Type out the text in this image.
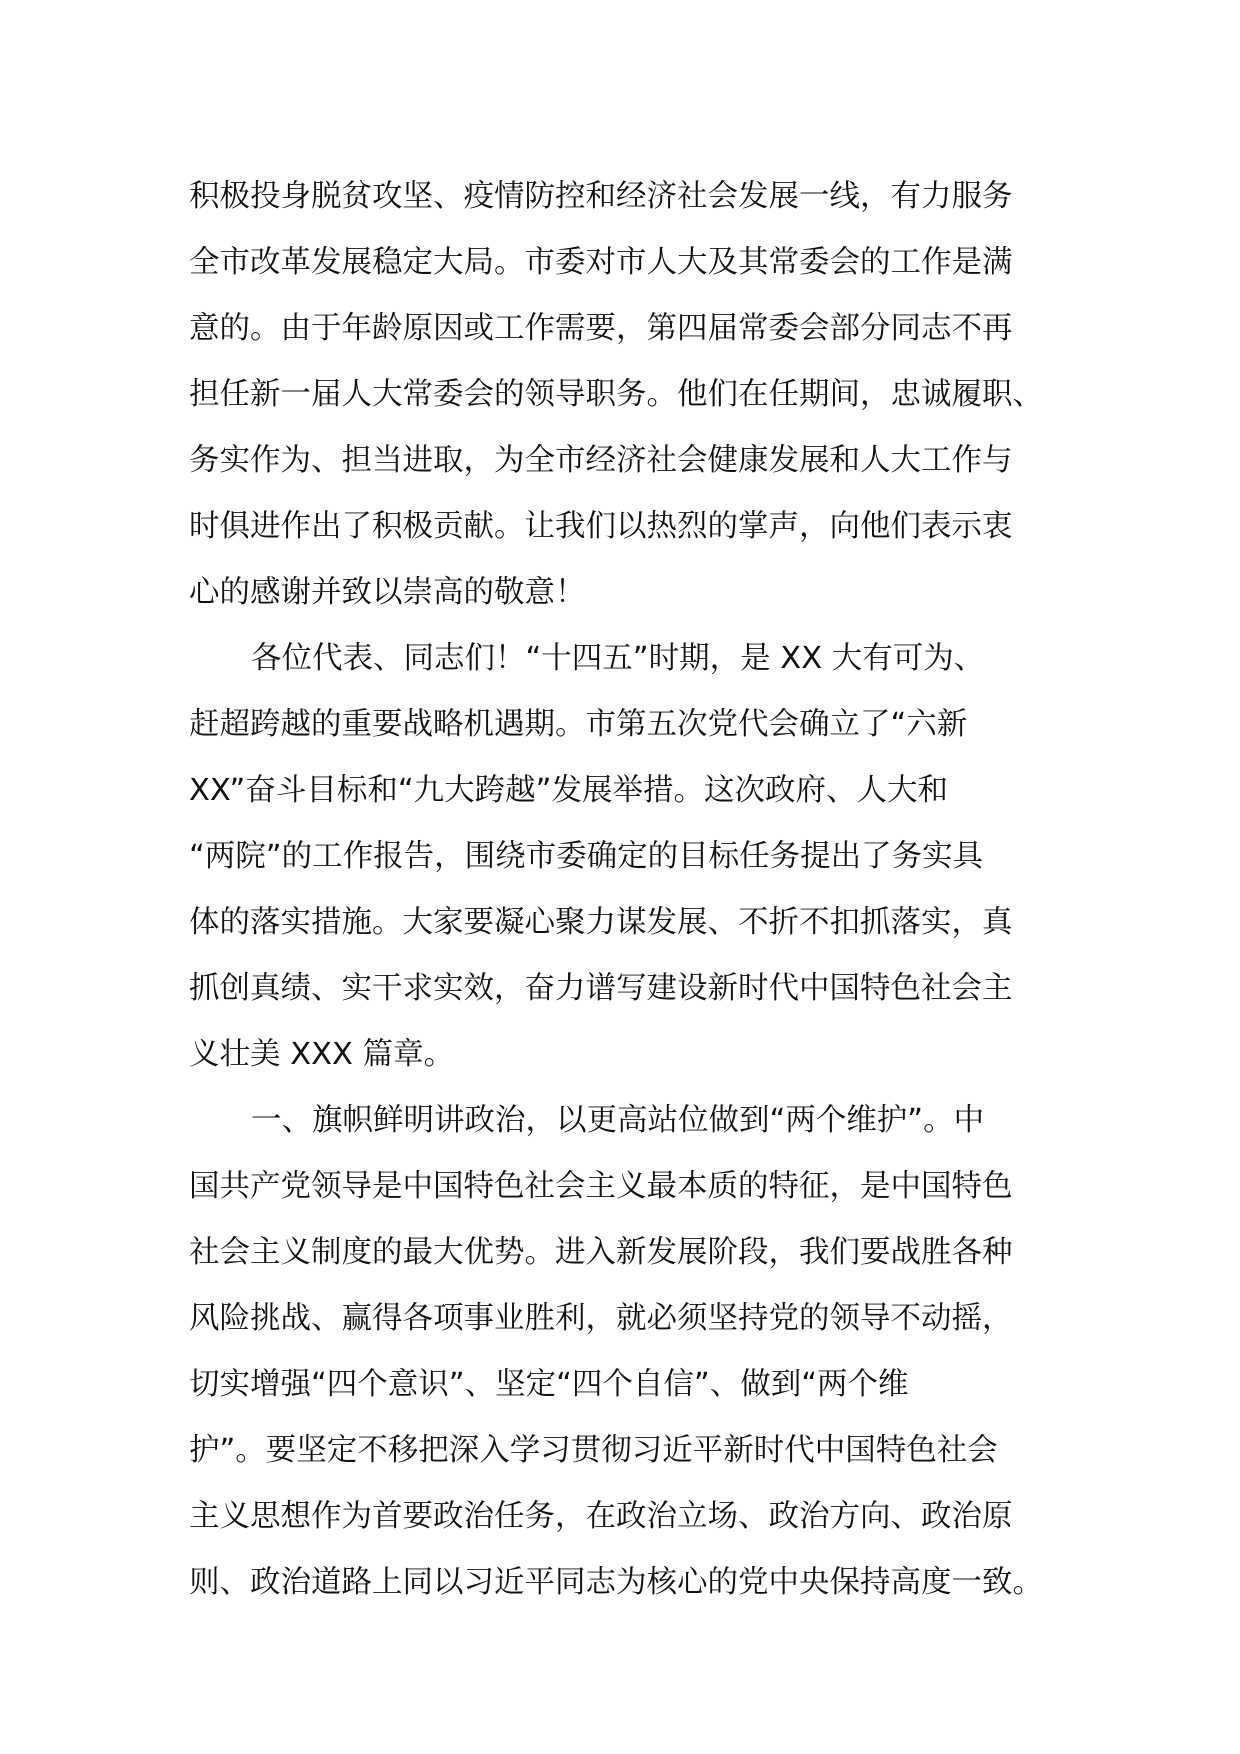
积极投身脱贫攻坚、疫情防控和经济社会发展一线，有力服务
全市改革发展稳定大局。市委对市人大及其常委会的工作是满
意的。由于年龄原因或工作需要，第四届常委会部分同志不再
担任新一届人大常委会的领导职务。他们在任期间，忠诚履职、
务实作为、担当进取，为全市经济社会健康发展和人大工作与
时俱进作出了积极贡献。让我们以热烈的掌声，向他们表示衷
心的感谢并致以崇高的敬意！
各位代表、同志们！“十四五”时期，是 XX 大有可为、
赶超跨越的重要战略机遇期。市第五次党代会确立了“六新
XX”奋斗目标和“九大跨越”发展举措。这次政府、人大和
“两院”的工作报告，围绕市委确定的目标任务提出了务实具
体的落实措施。大家要凝心聚力谋发展、不折不扣抓落实，真
抓创真绩、实干求实效，奋力谱写建设新时代中国特色社会主
义壮美 XXX 篇章。
一、旗帜鲜明讲政治，以更高站位做到“两个维护”。中
国共产党领导是中国特色社会主义最本质的特征，是中国特色
社会主义制度的最大优势。进入新发展阶段，我们要战胜各种
风险挑战、赢得各项事业胜利，就必须坚持党的领导不动摇，
切实增强“四个意识”、坚定“四个自信”、做到“两个维
护”。要坚定不移把深入学习贯彻习近平新时代中国特色社会
主义思想作为首要政治任务，在政治立场、政治方向、政治原
则、政治道路上同以习近平同志为核心的党中央保持高度一致。
